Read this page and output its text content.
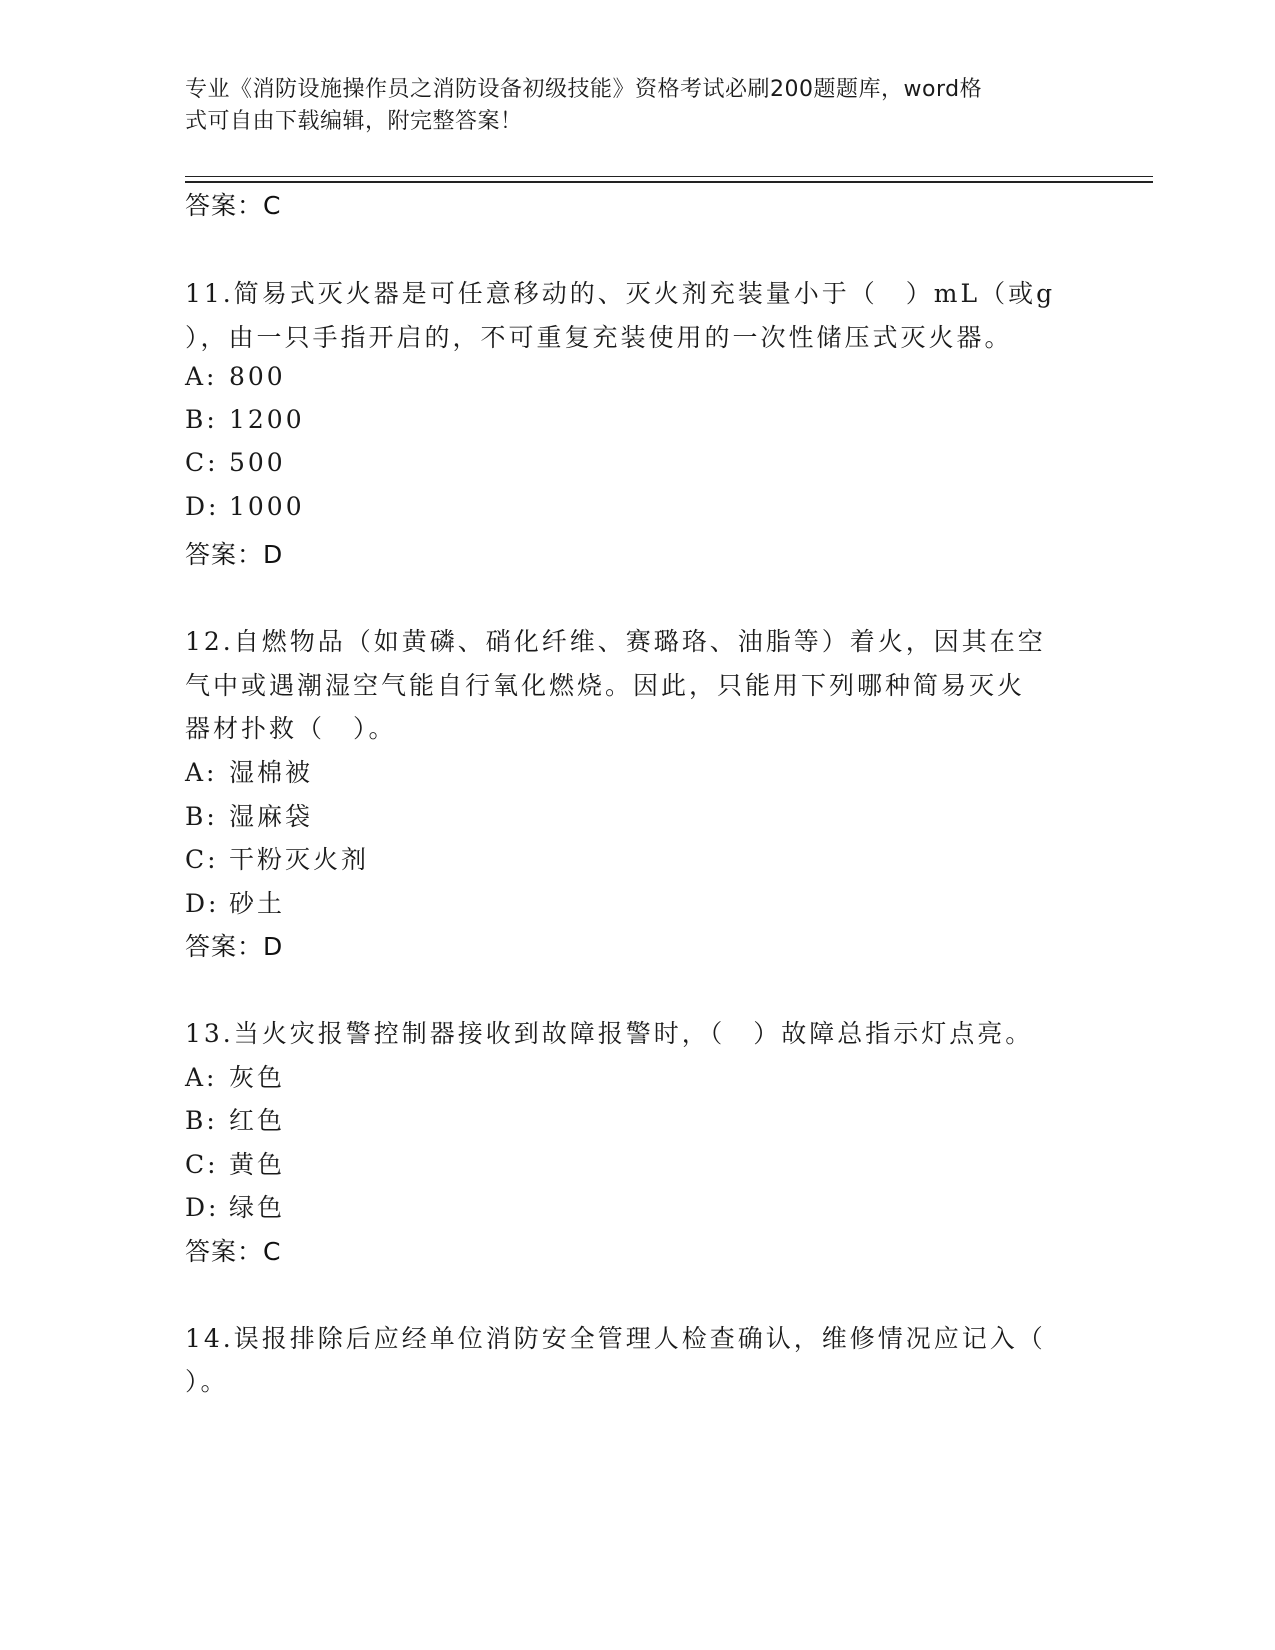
专业《消防设施操作员之消防设备初级技能》资格考试必刷200题题库，word格
式可自由下载编辑，附完整答案！
答案：C
11.简易式灭火器是可任意移动的、灭火剂充装量小于（　）mL（或g
），由一只手指开启的，不可重复充装使用的一次性储压式灭火器。
A: 800
B: 1200
C: 500
D: 1000
答案：D
12.自燃物品（如黄磷、硝化纤维、赛璐珞、油脂等）着火，因其在空
气中或遇潮湿空气能自行氧化燃烧。因此，只能用下列哪种简易灭火
器材扑救（　）。
A: 湿棉被
B: 湿麻袋
C: 干粉灭火剂
D: 砂土
答案：D
13.当火灾报警控制器接收到故障报警时，（　）故障总指示灯点亮。
A: 灰色
B: 红色
C: 黄色
D: 绿色
答案：C
14.误报排除后应经单位消防安全管理人检查确认，维修情况应记入（
）。
